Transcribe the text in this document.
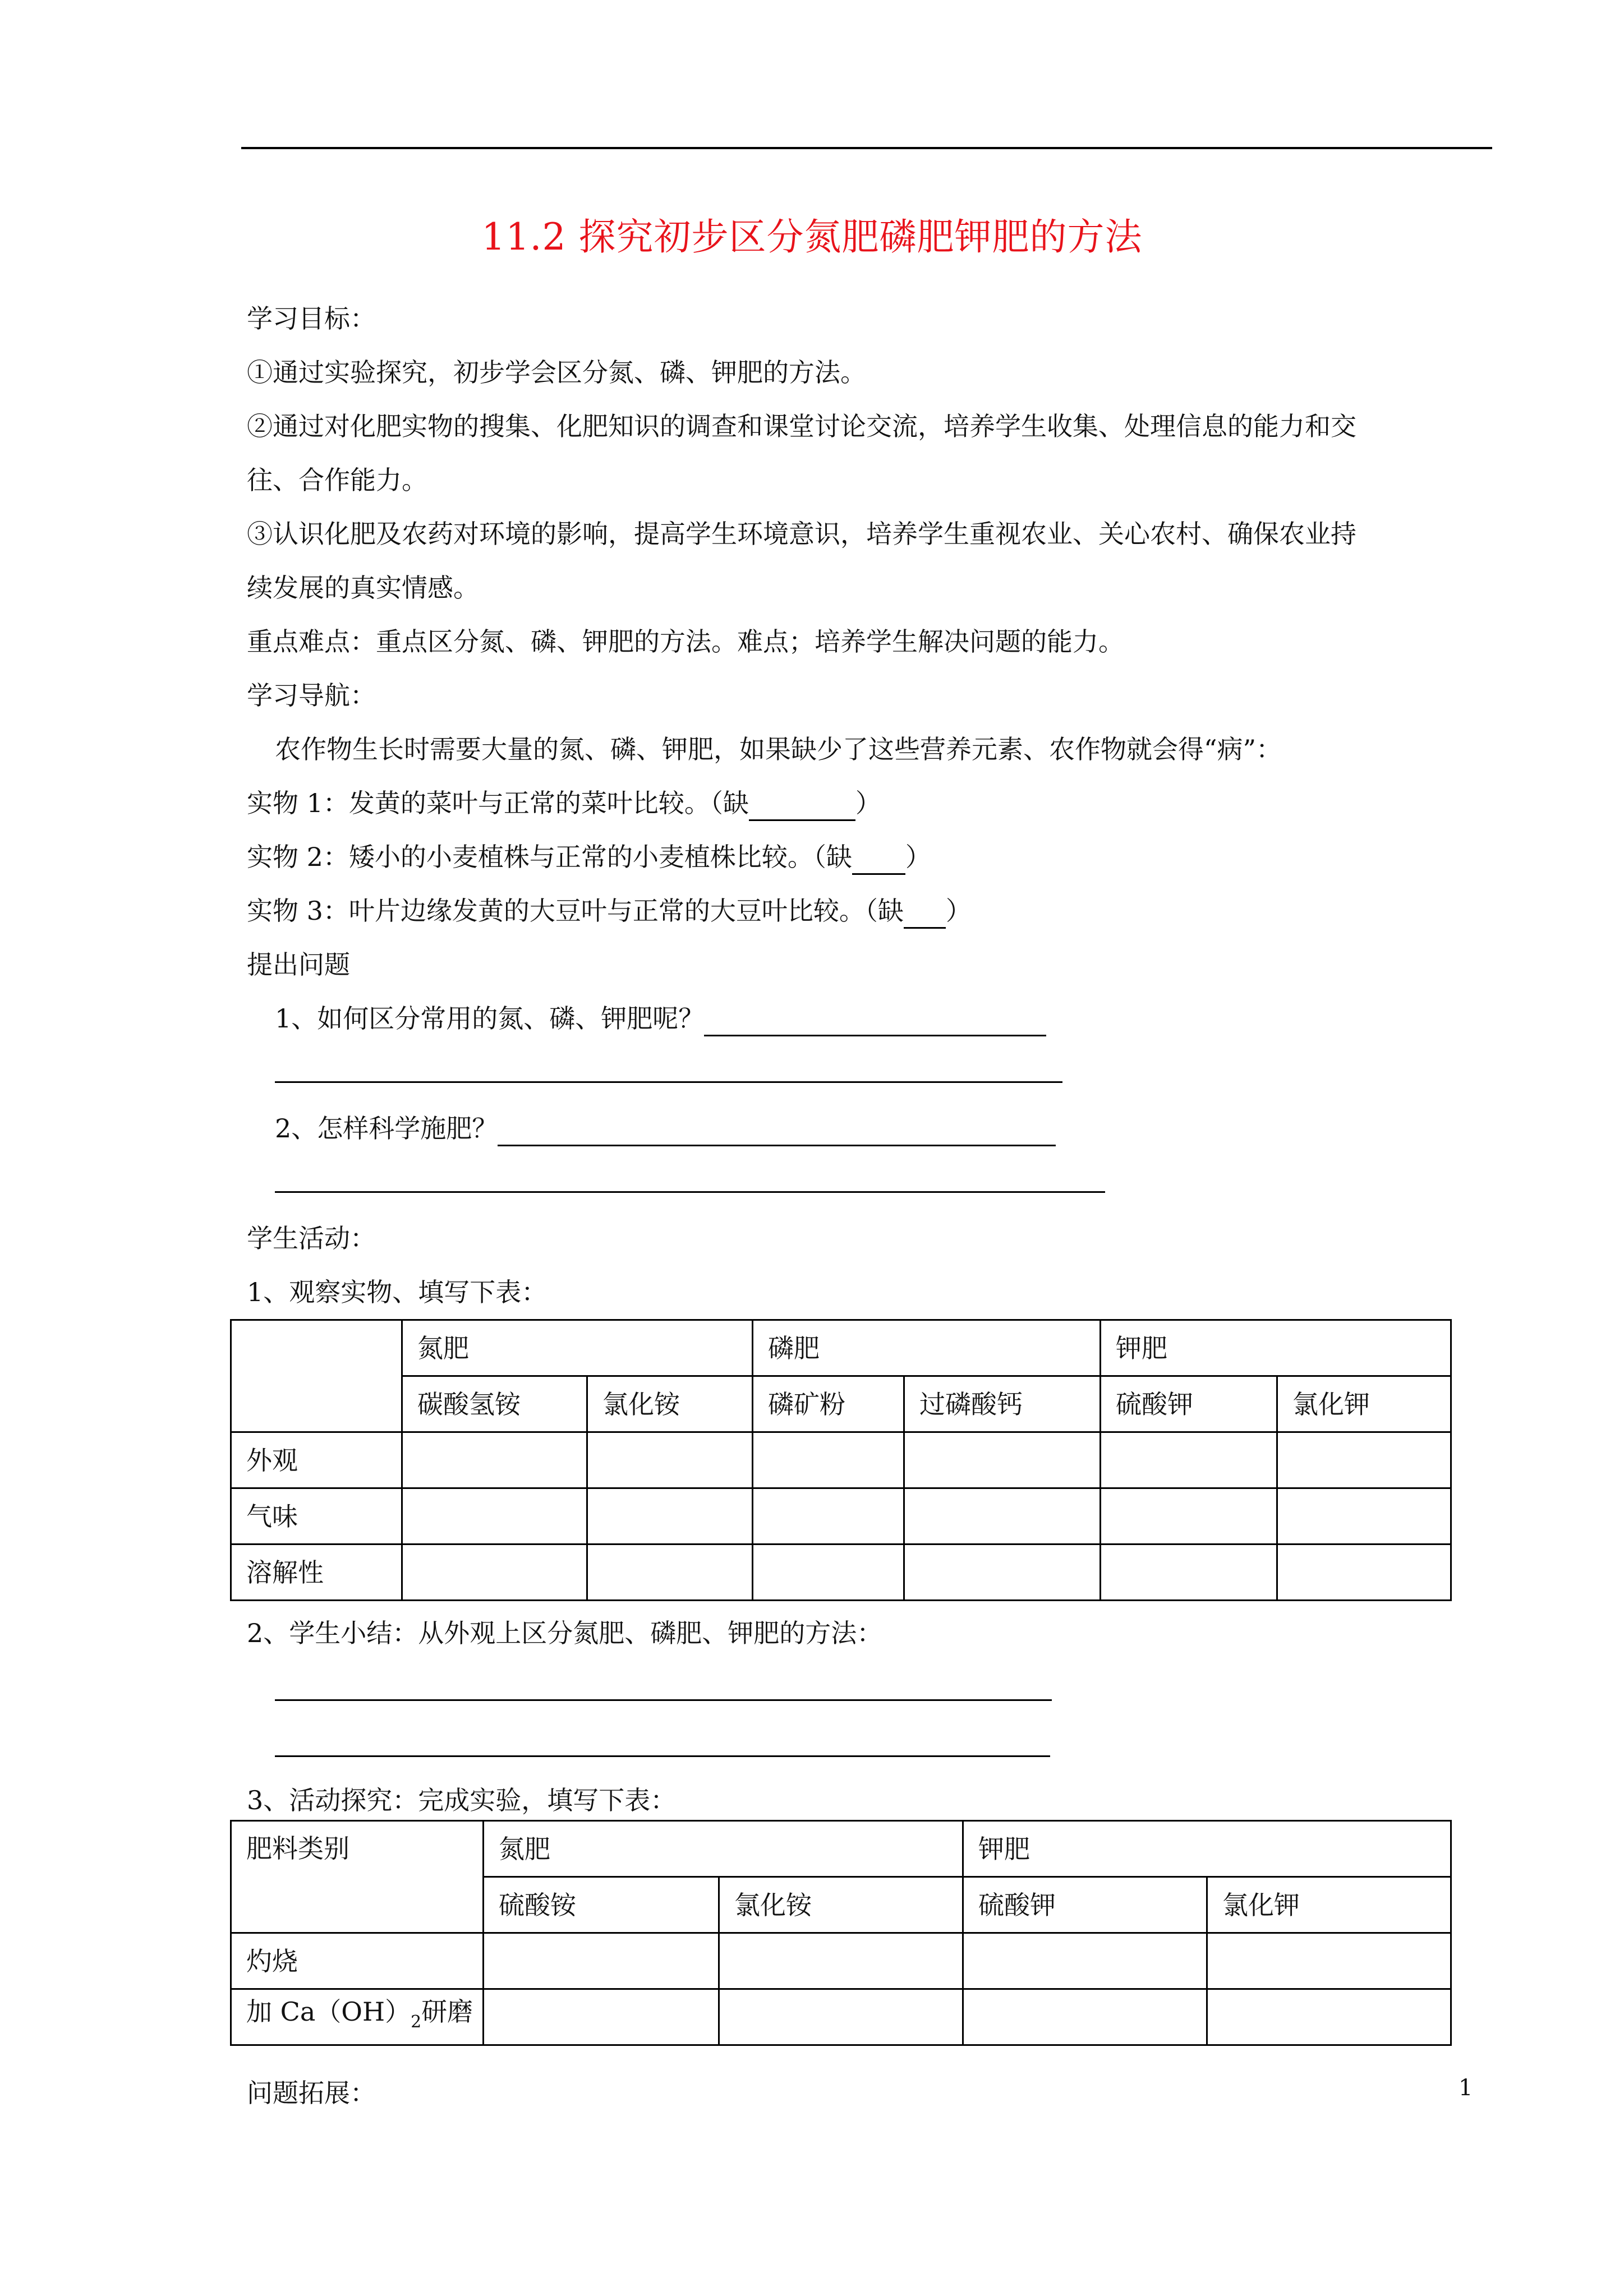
11.2 探究初步区分氮肥磷肥钾肥的方法
学习目标：
①通过实验探究，初步学会区分氮、磷、钾肥的方法。
②通过对化肥实物的搜集、化肥知识的调查和课堂讨论交流，培养学生收集、处理信息的能力和交
往、合作能力。
③认识化肥及农药对环境的影响，提高学生环境意识，培养学生重视农业、关心农村、确保农业持
续发展的真实情感。
重点难点：重点区分氮、磷、钾肥的方法。难点；培养学生解决问题的能力。
学习导航：
农作物生长时需要大量的氮、磷、钾肥，如果缺少了这些营养元素、农作物就会得“病”：
实物 1：发黄的菜叶与正常的菜叶比较。（缺	）
实物 2：矮小的小麦植株与正常的小麦植株比较。（缺 ）
实物 3：叶片边缘发黄的大豆叶与正常的大豆叶比较。（缺 ）
提出问题
1、如何区分常用的氮、磷、钾肥呢？
2、怎样科学施肥？
学生活动：
1、观察实物、填写下表：
	氮肥		磷肥		钾肥	
	碳酸氢铵	氯化铵	磷矿粉	过磷酸钙	硫酸钾	氯化钾
外观						
气味						
溶解性						
2、学生小结：从外观上区分氮肥、磷肥、钾肥的方法：
3、活动探究：完成实验，填写下表：
肥料类别	氮肥		钾肥	
	硫酸铵	氯化铵	硫酸钾	氯化钾
灼烧				
加 $Ca(OH)_2$研磨				
问题拓展：	1
